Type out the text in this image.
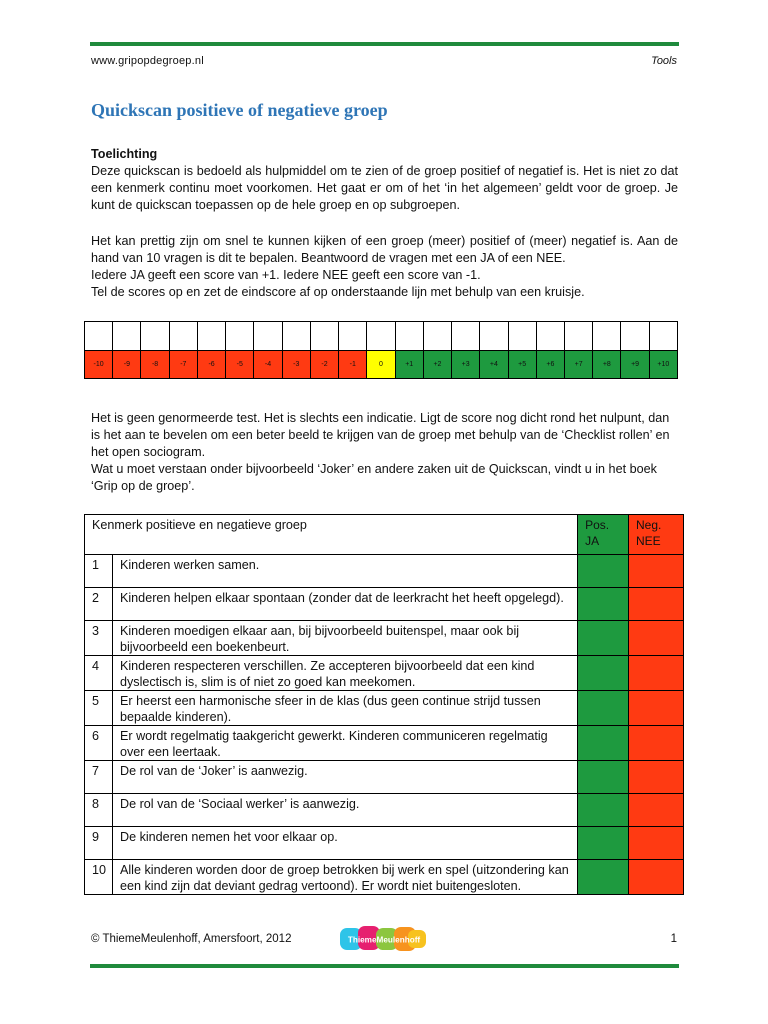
www.gripopdegroep.nl	Tools
Quickscan positieve of negatieve groep
Toelichting

Deze quickscan is bedoeld als hulpmiddel om te zien of de groep positief of negatief is. Het is niet zo dat een kenmerk continu moet voorkomen. Het gaat er om of het ‘in het algemeen’ geldt voor de groep. Je kunt de quickscan toepassen op de hele groep en op subgroepen.

Het kan prettig zijn om snel te kunnen kijken of een groep (meer) positief of (meer) negatief is. Aan de hand van 10 vragen is dit te bepalen. Beantwoord de vragen met een JA of een NEE.

Iedere JA geeft een score van +1. Iedere NEE geeft een score van -1.
Tel de scores op en zet de eindscore af op onderstaande lijn met behulp van een kruisje.
-10	-9	-8	-7	-6	-5	-4	-3	-2	-1	0	+1	+2	+3	+4	+5	+6	+7	+8	+9	+10

Het is geen genormeerde test. Het is slechts een indicatie. Ligt de score nog dicht rond het nulpunt, dan is het aan te bevelen om een beter beeld te krijgen van de groep met behulp van de ‘Checklist rollen’ en het open sociogram.

Wat u moet verstaan onder bijvoorbeeld ‘Joker’ en andere zaken uit de Quickscan, vindt u in het boek ‘Grip op de groep’.

Kenmerk positieve en negatieve groep		Pos. JA	Neg. NEE
1	Kinderen werken samen.		
2	Kinderen helpen elkaar spontaan (zonder dat de leerkracht het heeft opgelegd).		
3	Kinderen moedigen elkaar aan, bij bijvoorbeeld buitenspel, maar ook bij bijvoorbeeld een boekenbeurt.		
4	Kinderen respecteren verschillen. Ze accepteren bijvoorbeeld dat een kind dyslectisch is, slim is of niet zo goed kan meekomen.		
5	Er heerst een harmonische sfeer in de klas (dus geen continue strijd tussen bepaalde kinderen).		
6	Er wordt regelmatig taakgericht gewerkt. Kinderen communiceren regelmatig over een leertaak.		
7	De rol van de ‘Joker’ is aanwezig.		
8	De rol van de ‘Sociaal werker’ is aanwezig.		
9	De kinderen nemen het voor elkaar op.		
10	Alle kinderen worden door de groep betrokken bij werk en spel (uitzondering kan een kind zijn dat deviant gedrag vertoond). Er wordt niet buitengesloten.		
© ThiemeMeulenhoff, Amersfoort, 2012	ThiemeMeulenhoff	1
